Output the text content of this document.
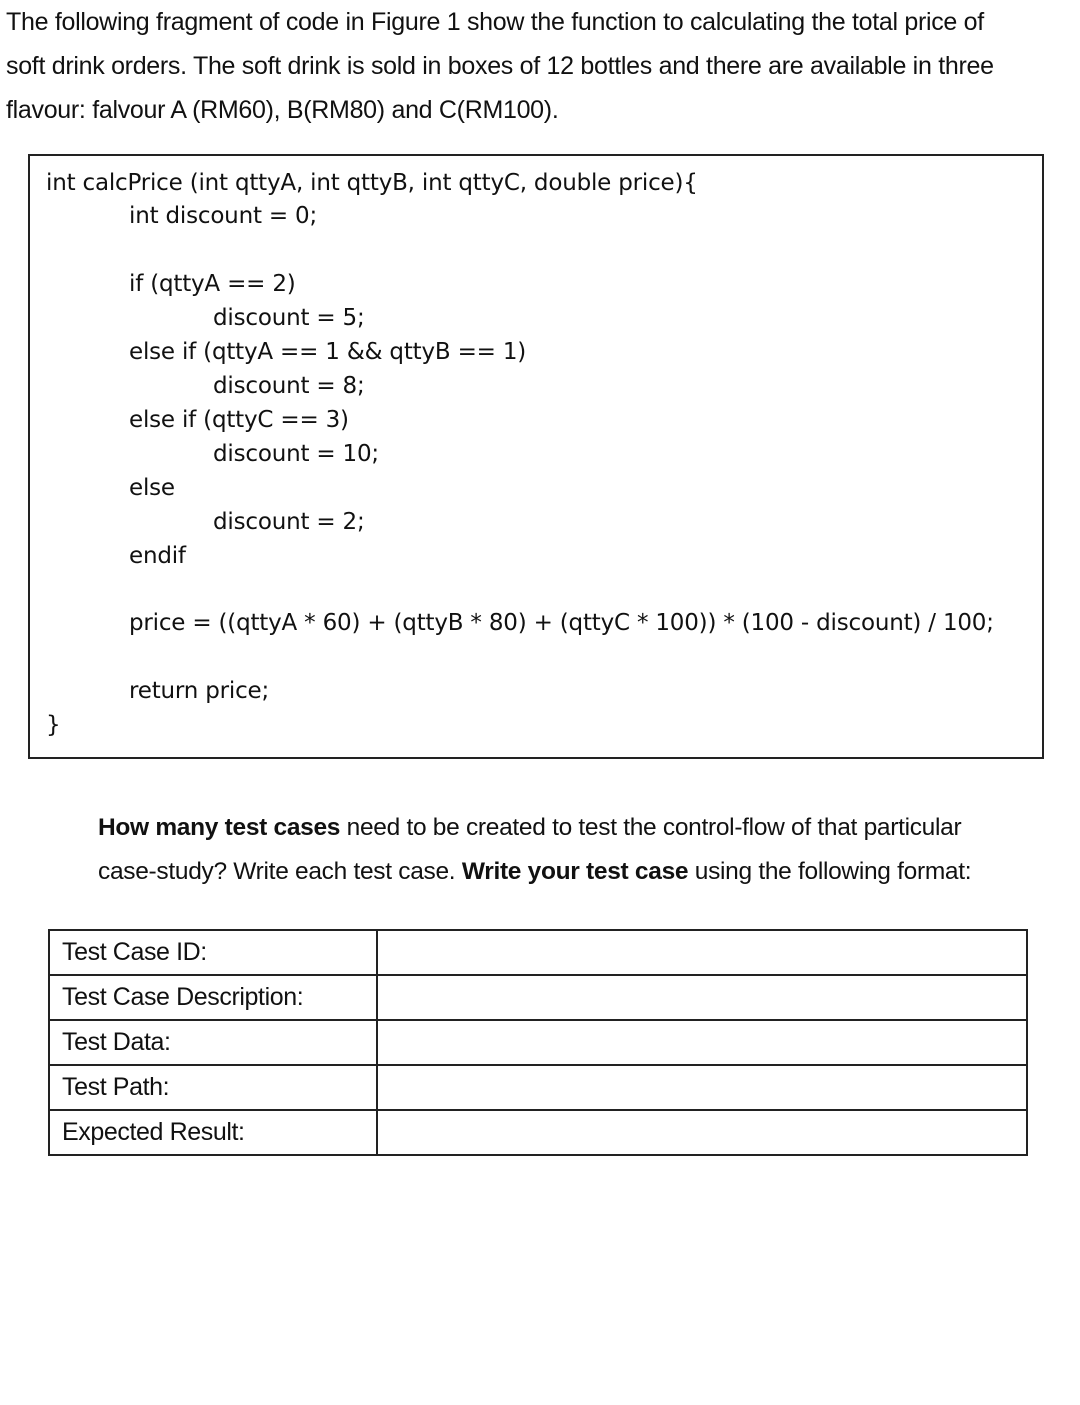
The following fragment of code in Figure 1 show the function to calculating the total price of

soft drink orders. The soft drink is sold in boxes of 12 bottles and there are available in three

flavour: falvour A (RM60), B(RM80) and C(RM100).

int calcPrice (int qttyA, int qttyB, int qttyC, double price){
int discount = 0;
if (qttyA == 2)
discount = 5;
else if (qttyA == 1 && qttyB == 1)
discount = 8;
else if (qttyC == 3)
discount = 10;
else
discount = 2;
endif
price = ((qttyA * 60) + (qttyB * 80) + (qttyC * 100)) * (100 - discount) / 100;
return price;
}

How many test cases need to be created to test the control-flow of that particular

case-study? Write each test case. Write your test case using the following format:

Test Case ID:	
Test Case Description:	
Test Data:	
Test Path:	
Expected Result:	
